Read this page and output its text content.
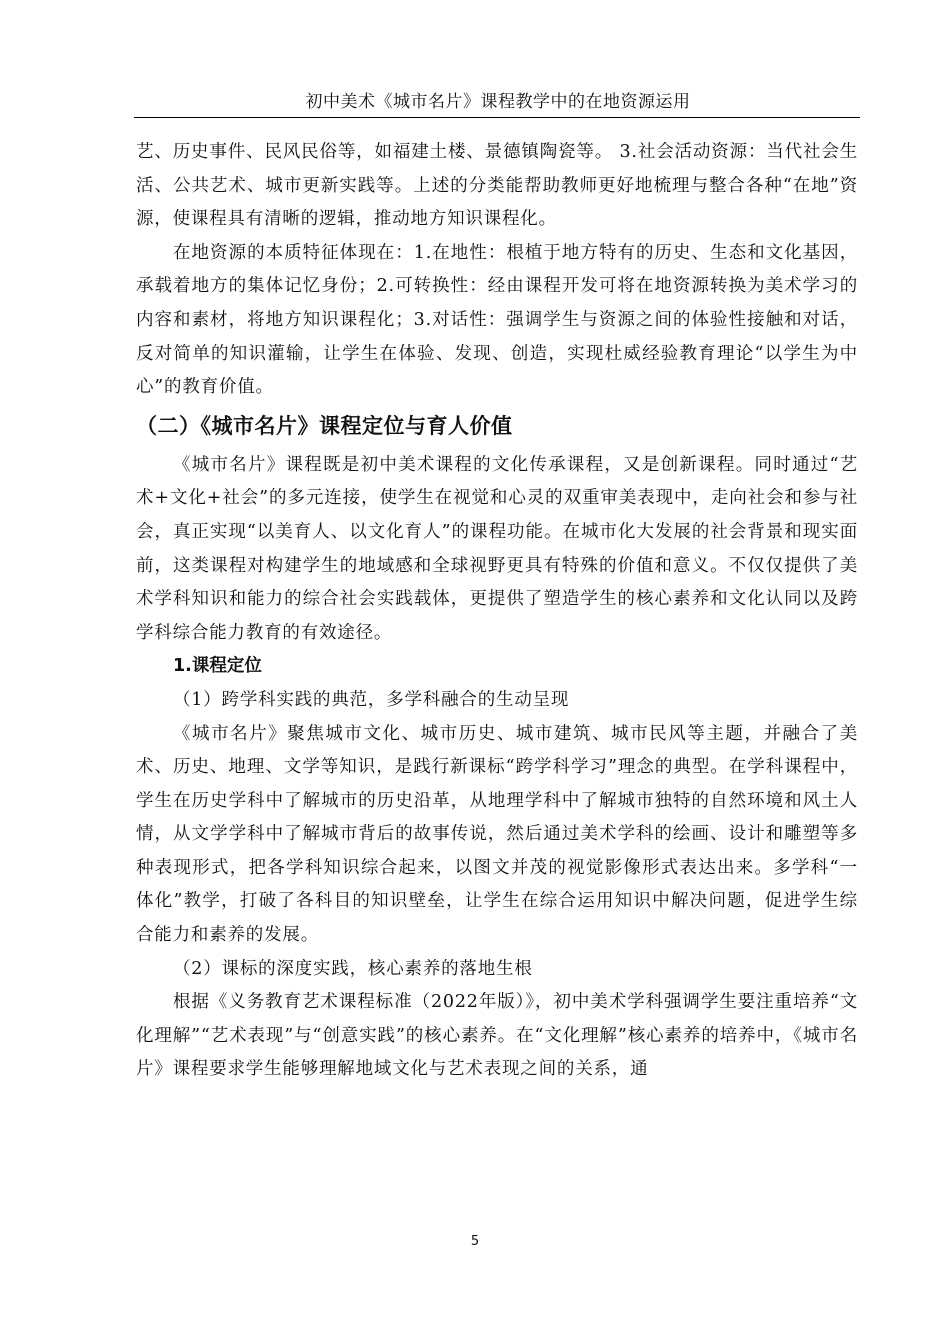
初中美术《城市名片》课程教学中的在地资源运用

艺、历史事件、民风民俗等，如福建土楼、景德镇陶瓷等。 3.社会活动资源：当代社会生活、公共艺术、城市更新实践等。上述的分类能帮助教师更好地梳理与整合各种“在地”资源，使课程具有清晰的逻辑，推动地方知识课程化。

在地资源的本质特征体现在：1.在地性：根植于地方特有的历史、生态和文化基因，承载着地方的集体记忆身份；2.可转换性：经由课程开发可将在地资源转换为美术学习的内容和素材，将地方知识课程化；3.对话性：强调学生与资源之间的体验性接触和对话，反对简单的知识灌输，让学生在体验、发现、创造，实现杜威经验教育理论“以学生为中心”的教育价值。

（二）《城市名片》课程定位与育人价值

《城市名片》课程既是初中美术课程的文化传承课程，又是创新课程。同时通过“艺术+文化+社会”的多元连接，使学生在视觉和心灵的双重审美表现中，走向社会和参与社会，真正实现“以美育人、以文化育人”的课程功能。在城市化大发展的社会背景和现实面前，这类课程对构建学生的地域感和全球视野更具有特殊的价值和意义。不仅仅提供了美术学科知识和能力的综合社会实践载体，更提供了塑造学生的核心素养和文化认同以及跨学科综合能力教育的有效途径。

1.课程定位

（1）跨学科实践的典范，多学科融合的生动呈现

《城市名片》聚焦城市文化、城市历史、城市建筑、城市民风等主题，并融合了美术、历史、地理、文学等知识，是践行新课标“跨学科学习”理念的典型。在学科课程中，学生在历史学科中了解城市的历史沿革，从地理学科中了解城市独特的自然环境和风土人情，从文学学科中了解城市背后的故事传说，然后通过美术学科的绘画、设计和雕塑等多种表现形式，把各学科知识综合起来，以图文并茂的视觉影像形式表达出来。多学科“一体化”教学，打破了各科目的知识壁垒，让学生在综合运用知识中解决问题，促进学生综合能力和素养的发展。

（2）课标的深度实践，核心素养的落地生根

根据《义务教育艺术课程标准（2022年版）》，初中美术学科强调学生要注重培养“文化理解”“艺术表现”与“创意实践”的核心素养。在“文化理解”核心素养的培养中，《城市名片》课程要求学生能够理解地域文化与艺术表现之间的关系，通

5
